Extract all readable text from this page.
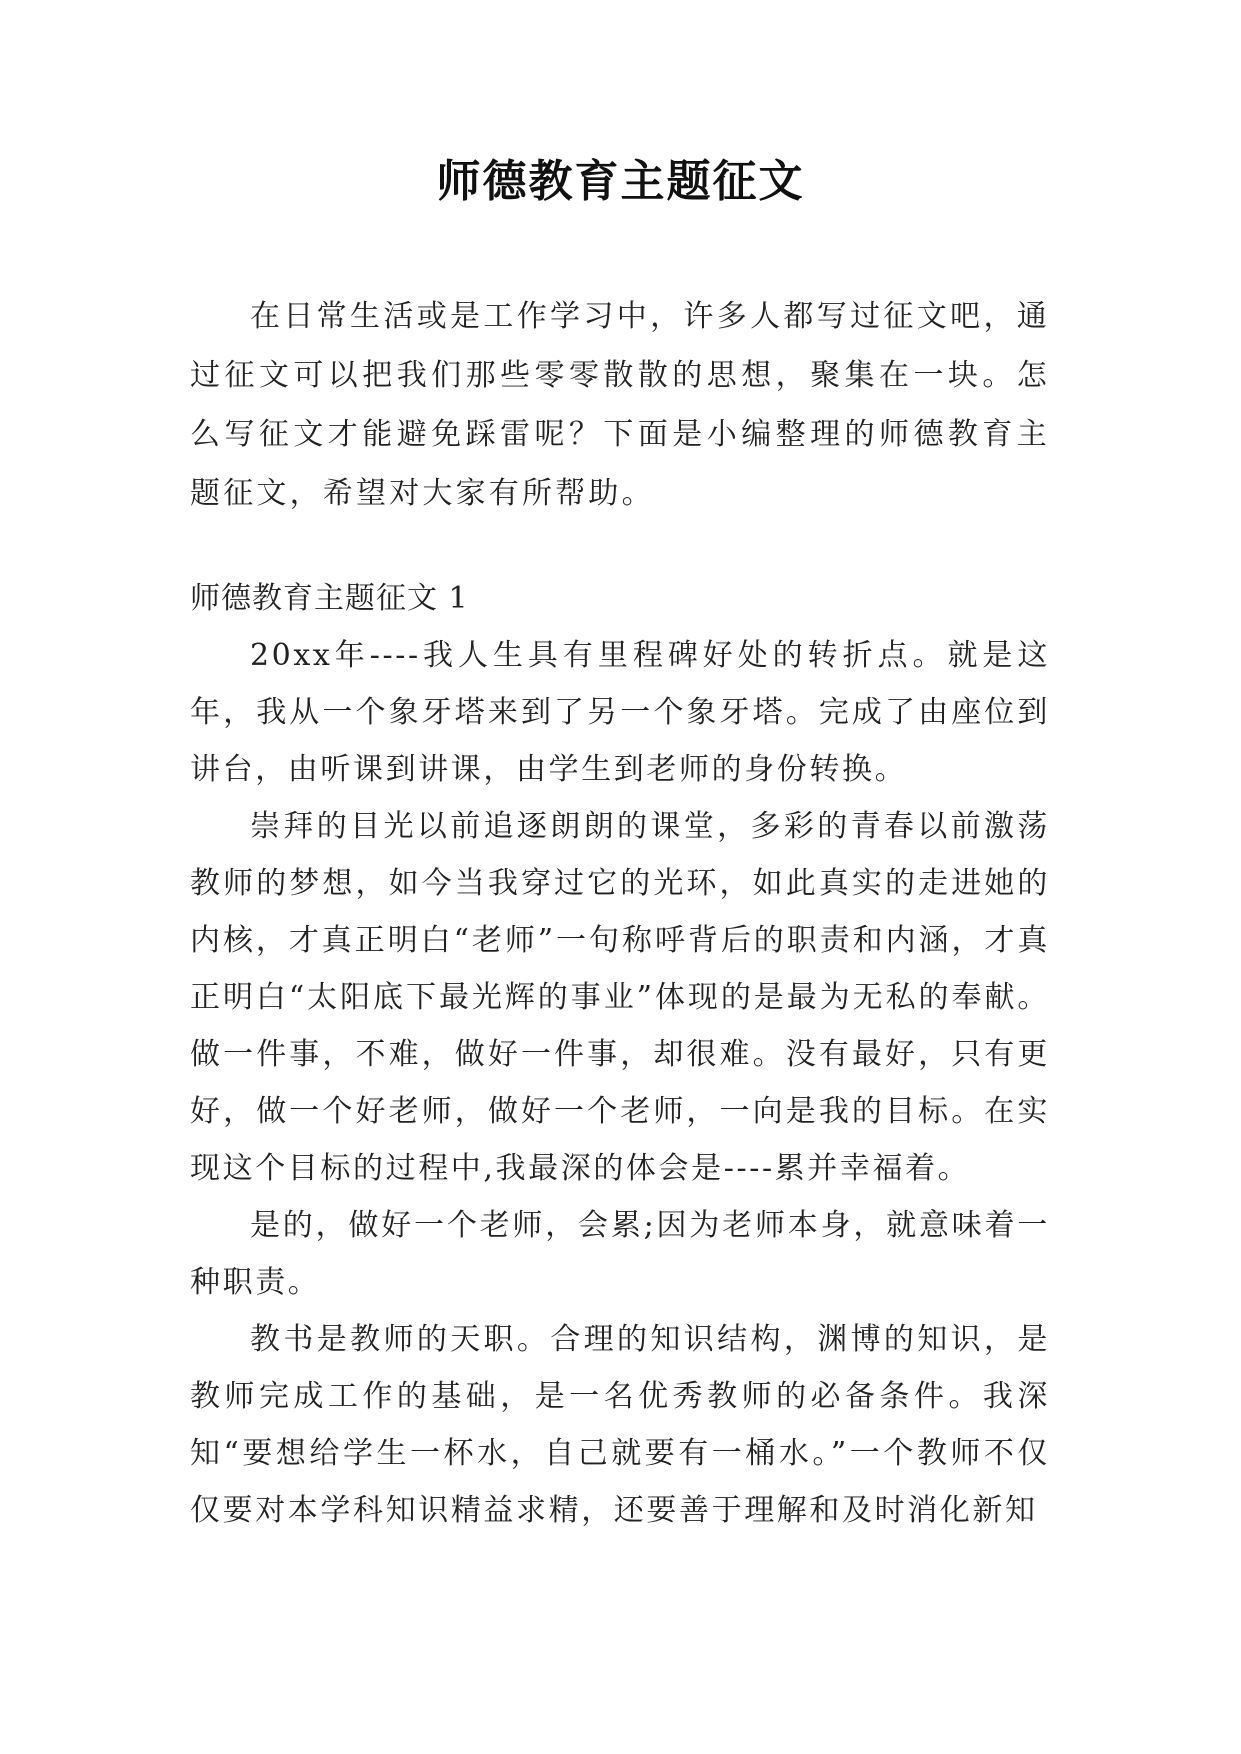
师德教育主题征文

在日常生活或是工作学习中，许多人都写过征文吧，通过征文可以把我们那些零零散散的思想，聚集在一块。怎么写征文才能避免踩雷呢？下面是小编整理的师德教育主题征文，希望对大家有所帮助。

师德教育主题征文 1

20xx年----我人生具有里程碑好处的转折点。就是这年，我从一个象牙塔来到了另一个象牙塔。完成了由座位到讲台，由听课到讲课，由学生到老师的身份转换。

崇拜的目光以前追逐朗朗的课堂，多彩的青春以前激荡教师的梦想，如今当我穿过它的光环，如此真实的走进她的内核，才真正明白“老师”一句称呼背后的职责和内涵，才真正明白“太阳底下最光辉的事业”体现的是最为无私的奉献。做一件事，不难，做好一件事，却很难。没有最好，只有更好，做一个好老师，做好一个老师，一向是我的目标。在实现这个目标的过程中,我最深的体会是----累并幸福着。

是的，做好一个老师，会累;因为老师本身，就意味着一种职责。

教书是教师的天职。合理的知识结构，渊博的知识，是教师完成工作的基础，是一名优秀教师的必备条件。我深知“要想给学生一杯水，自己就要有一桶水。”一个教师不仅仅要对本学科知识精益求精，还要善于理解和及时消化新知
